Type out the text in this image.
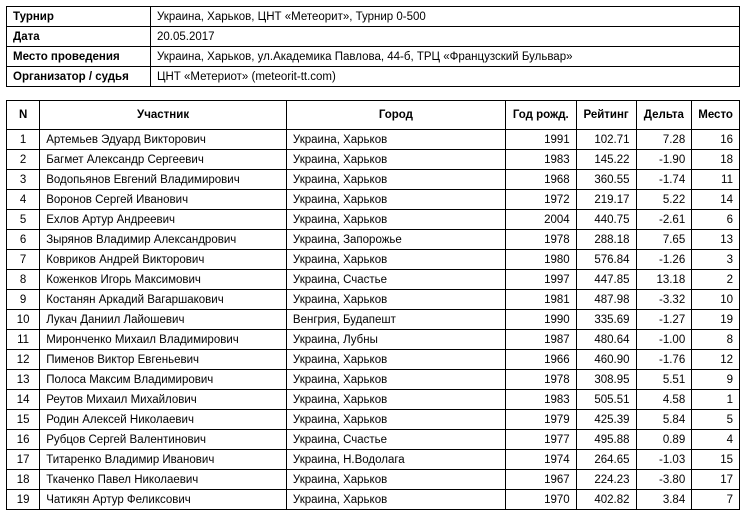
Турнир	Украина, Харьков, ЦНТ «Метеорит», Турнир 0-500
Дата	20.05.2017
Место проведения	Украина, Харьков, ул.Академика Павлова, 44-б, ТРЦ «Французский Бульвар»
Организатор / судья	ЦНТ «Метериот» (meteorit-tt.com)
N	Участник	Город	Год рожд.	Рейтинг	Дельта	Место
1	Артемьев Эдуард Викторович	Украина, Харьков	1991	102.71	7.28	16
2	Багмет Александр Сергеевич	Украина, Харьков	1983	145.22	-1.90	18
3	Водопьянов Евгений Владимирович	Украина, Харьков	1968	360.55	-1.74	11
4	Воронов Сергей Иванович	Украина, Харьков	1972	219.17	5.22	14
5	Ехлов Артур Андреевич	Украина, Харьков	2004	440.75	-2.61	6
6	Зырянов Владимир Александрович	Украина, Запорожье	1978	288.18	7.65	13
7	Ковриков Андрей Викторович	Украина, Харьков	1980	576.84	-1.26	3
8	Коженков Игорь Максимович	Украина, Счастье	1997	447.85	13.18	2
9	Костанян Аркадий Вагаршакович	Украина, Харьков	1981	487.98	-3.32	10
10	Лукач Даниил Лайошевич	Венгрия, Будапешт	1990	335.69	-1.27	19
11	Миронченко Михаил Владимирович	Украина, Лубны	1987	480.64	-1.00	8
12	Пименов Виктор Евгеньевич	Украина, Харьков	1966	460.90	-1.76	12
13	Полоса Максим Владимирович	Украина, Харьков	1978	308.95	5.51	9
14	Реутов Михаил Михайлович	Украина, Харьков	1983	505.51	4.58	1
15	Родин Алексей Николаевич	Украина, Харьков	1979	425.39	5.84	5
16	Рубцов Сергей Валентинович	Украина, Счастье	1977	495.88	0.89	4
17	Титаренко Владимир Иванович	Украина, Н.Водолага	1974	264.65	-1.03	15
18	Ткаченко Павел Николаевич	Украина, Харьков	1967	224.23	-3.80	17
19	Чатикян Артур Феликсович	Украина, Харьков	1970	402.82	3.84	7
